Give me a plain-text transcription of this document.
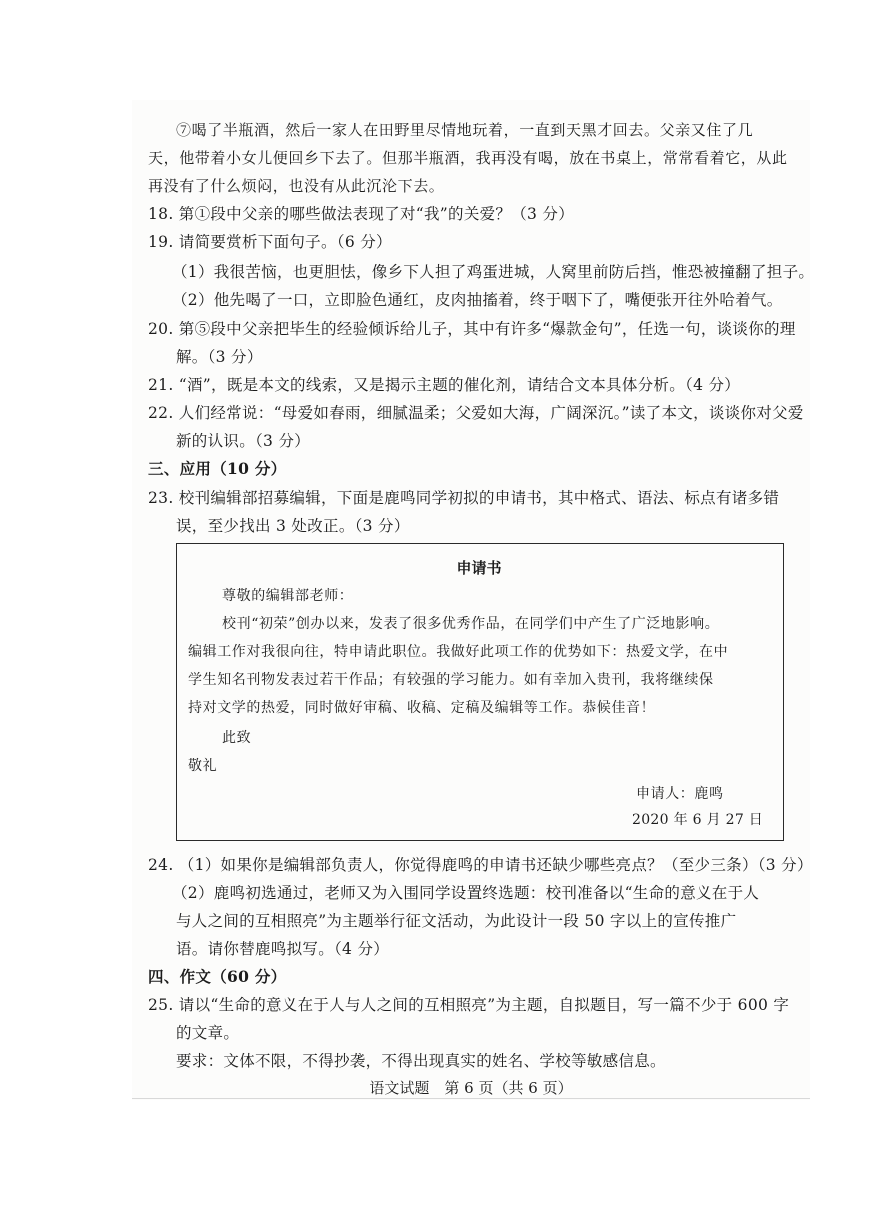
⑦喝了半瓶酒，然后一家人在田野里尽情地玩着，一直到天黑才回去。父亲又住了几
天，他带着小女儿便回乡下去了。但那半瓶酒，我再没有喝，放在书桌上，常常看着它，从此
再没有了什么烦闷，也没有从此沉沦下去。
18. 第①段中父亲的哪些做法表现了对“我”的关爱？（3 分）
19. 请简要赏析下面句子。（6 分）
（1）我很苦恼，也更胆怯，像乡下人担了鸡蛋进城，人窝里前防后挡，惟恐被撞翻了担子。
（2）他先喝了一口，立即脸色通红，皮肉抽搐着，终于咽下了，嘴便张开往外哈着气。
20. 第⑤段中父亲把毕生的经验倾诉给儿子，其中有许多“爆款金句”，任选一句，谈谈你的理
解。（3 分）
21. “酒”，既是本文的线索，又是揭示主题的催化剂，请结合文本具体分析。（4 分）
22. 人们经常说：“母爱如春雨，细腻温柔；父爱如大海，广阔深沉。”读了本文，谈谈你对父爱
新的认识。（3 分）
三、应用（10 分）
23. 校刊编辑部招募编辑，下面是鹿鸣同学初拟的申请书，其中格式、语法、标点有诸多错
误，至少找出 3 处改正。（3 分）
申请书
尊敬的编辑部老师：
校刊“初荣”创办以来，发表了很多优秀作品，在同学们中产生了广泛地影响。
编辑工作对我很向往，特申请此职位。我做好此项工作的优势如下：热爱文学，在中
学生知名刊物发表过若干作品；有较强的学习能力。如有幸加入贵刊，我将继续保
持对文学的热爱，同时做好审稿、收稿、定稿及编辑等工作。恭候佳音！
此致
敬礼
申请人：鹿鸣
2020 年 6 月 27 日
24. （1）如果你是编辑部负责人，你觉得鹿鸣的申请书还缺少哪些亮点？（至少三条）（3 分）
（2）鹿鸣初选通过，老师又为入围同学设置终选题：校刊准备以“生命的意义在于人
与人之间的互相照亮”为主题举行征文活动，为此设计一段 50 字以上的宣传推广
语。请你替鹿鸣拟写。（4 分）
四、作文（60 分）
25. 请以“生命的意义在于人与人之间的互相照亮”为主题，自拟题目，写一篇不少于 600 字
的文章。
要求：文体不限，不得抄袭，不得出现真实的姓名、学校等敏感信息。
语文试题　第 6 页（共 6 页）
